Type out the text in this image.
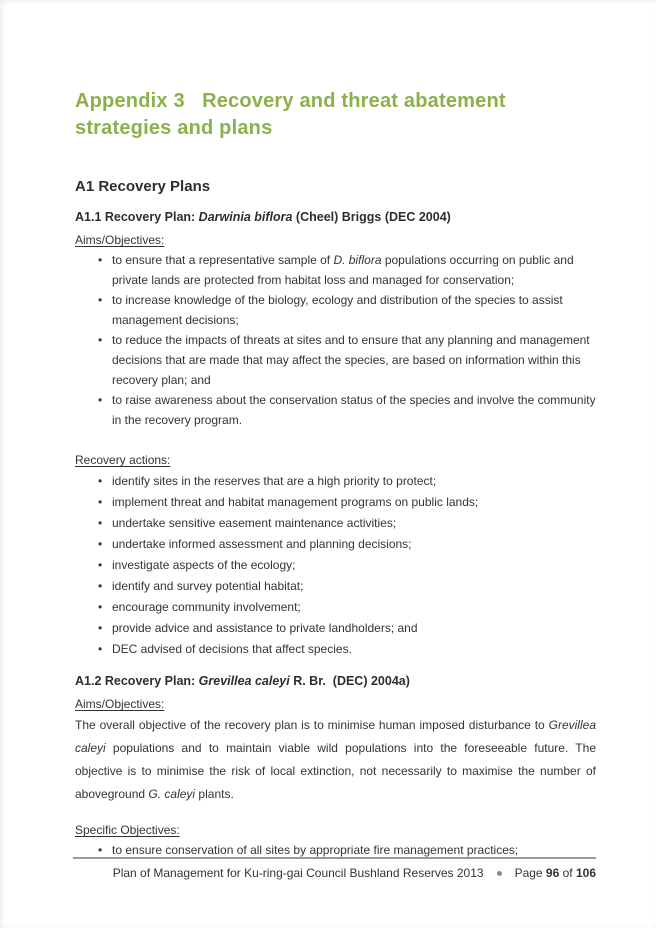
Appendix 3   Recovery and threat abatement
strategies and plans
A1 Recovery Plans
A1.1 Recovery Plan: Darwinia biflora (Cheel) Briggs (DEC 2004)

Aims/Objectives:

• to ensure that a representative sample of D. biflora populations occurring on public and private lands are protected from habitat loss and managed for conservation;
• to increase knowledge of the biology, ecology and distribution of the species to assist management decisions;
• to reduce the impacts of threats at sites and to ensure that any planning and management decisions that are made that may affect the species, are based on information within this recovery plan; and
• to raise awareness about the conservation status of the species and involve the community in the recovery program.

Recovery actions:

• identify sites in the reserves that are a high priority to protect;
• implement threat and habitat management programs on public lands;
• undertake sensitive easement maintenance activities;
• undertake informed assessment and planning decisions;
• investigate aspects of the ecology;
• identify and survey potential habitat;
• encourage community involvement;
• provide advice and assistance to private landholders; and
• DEC advised of decisions that affect species.
A1.2 Recovery Plan: Grevillea caleyi R. Br.  (DEC) 2004a)

Aims/Objectives:

The overall objective of the recovery plan is to minimise human imposed disturbance to Grevillea caleyi populations and to maintain viable wild populations into the foreseeable future. The objective is to minimise the risk of local extinction, not necessarily to maximise the number of aboveground G. caleyi plants.

Specific Objectives:

• to ensure conservation of all sites by appropriate fire management practices;
Plan of Management for Ku-ring-gai Council Bushland Reserves 2013	Page 96 of 106
